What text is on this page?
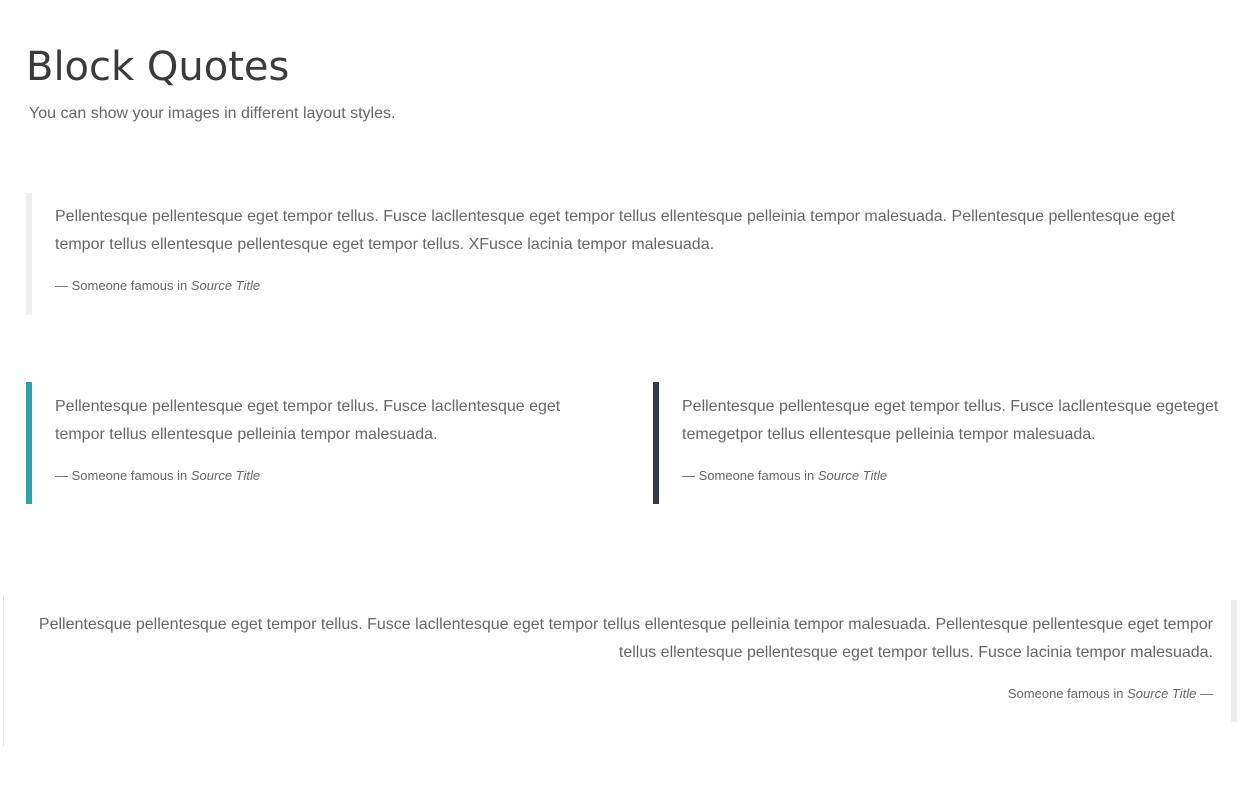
Block Quotes

You can show your images in different layout styles.

Pellentesque pellentesque eget tempor tellus. Fusce lacllentesque eget tempor tellus ellentesque pelleinia tempor malesuada. Pellentesque pellentesque eget tempor tellus ellentesque pellentesque eget tempor tellus. XFusce lacinia tempor malesuada.

— Someone famous in Source Title

Pellentesque pellentesque eget tempor tellus. Fusce lacllentesque eget tempor tellus ellentesque pelleinia tempor malesuada.

— Someone famous in Source Title

Pellentesque pellentesque eget tempor tellus. Fusce lacllentesque egeteget temegetpor tellus ellentesque pelleinia tempor malesuada.

— Someone famous in Source Title

Pellentesque pellentesque eget tempor tellus. Fusce lacllentesque eget tempor tellus ellentesque pelleinia tempor malesuada. Pellentesque pellentesque eget tempor tellus ellentesque pellentesque eget tempor tellus. Fusce lacinia tempor malesuada.

Someone famous in Source Title —
